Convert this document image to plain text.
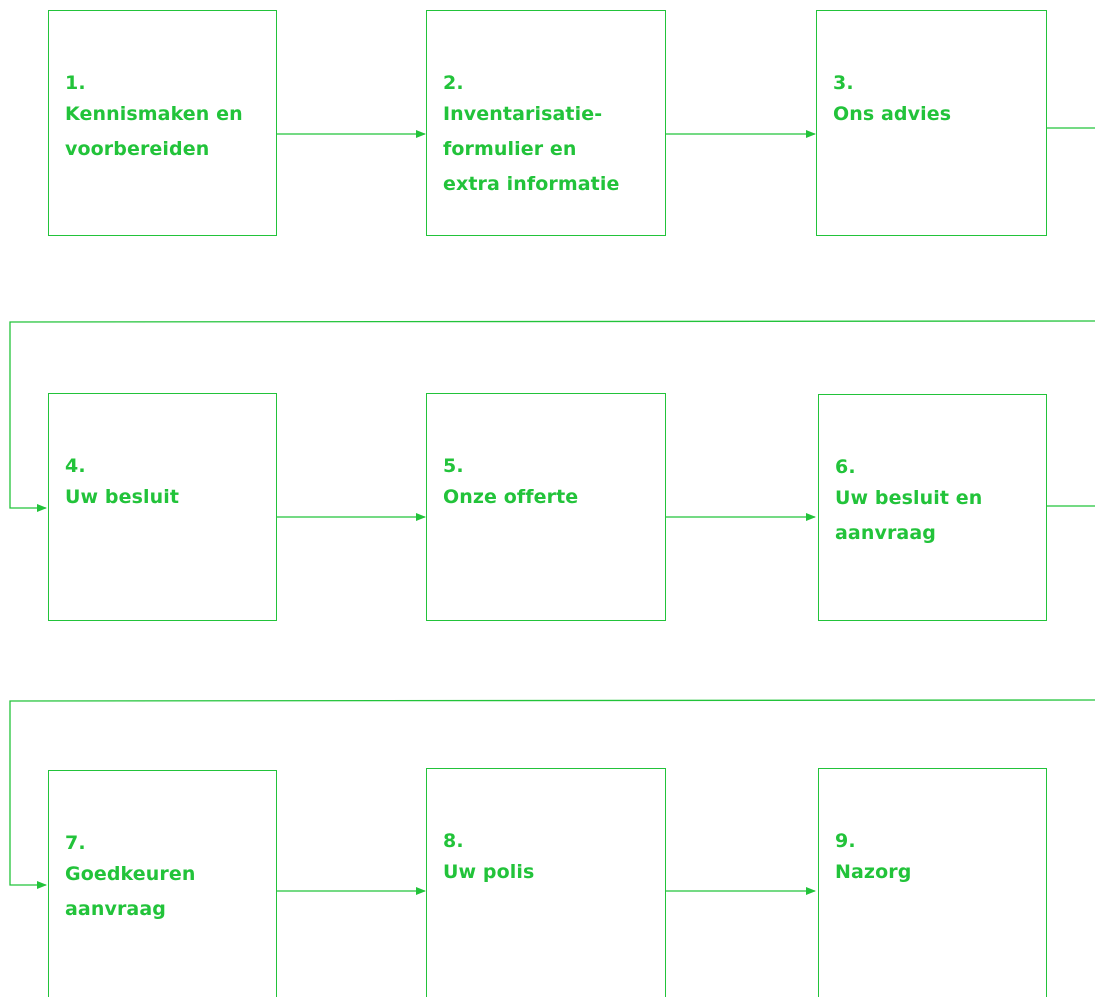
1.
Kennismaken en
voorbereiden
2.
Inventarisatie-
formulier en
extra informatie
3.
Ons advies
4.
Uw besluit
5.
Onze offerte
6.
Uw besluit en
aanvraag
7.
Goedkeuren
aanvraag
8.
Uw polis
9.
Nazorg
